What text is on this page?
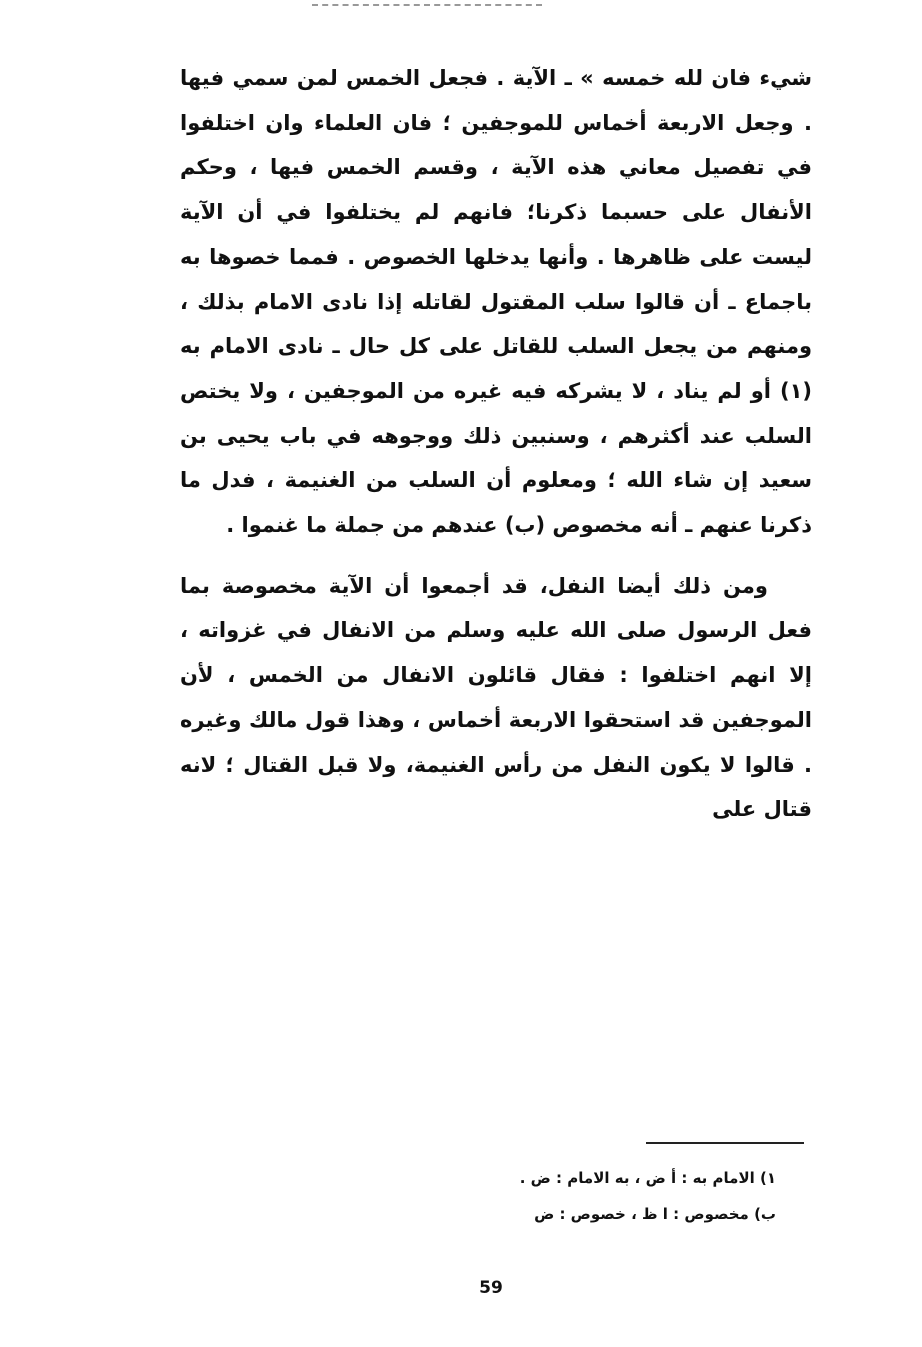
شيء فان لله خمسه » ـ الآية . فجعل الخمس لمن سمي فيها . وجعل الاربعة أخماس للموجفين ؛ فان العلماء وان اختلفوا في تفصيل معاني هذه الآية ، وقسم الخمس فيها ، وحكم الأنفال على حسبما ذكرنا؛ فانهم لم يختلفوا في أن الآية ليست على ظاهرها . وأنها يدخلها الخصوص . فمما خصوها به باجماع ـ أن قالوا سلب المقتول لقاتله إذا نادى الامام بذلك ، ومنهم من يجعل السلب للقاتل على كل حال ـ نادى الامام به (١) أو لم يناد ، لا يشركه فيه غيره من الموجفين ، ولا يختص السلب عند أكثرهم ، وسنبين ذلك ووجوهه في باب يحيى بن سعيد إن شاء الله ؛ ومعلوم أن السلب من الغنيمة ، فدل ما ذكرنا عنهم ـ أنه مخصوص (ب) عندهم من جملة ما غنموا .

ومن ذلك أيضا النفل، قد أجمعوا أن الآية مخصوصة بما فعل الرسول صلى الله عليه وسلم من الانفال في غزواته ، إلا انهم اختلفوا : فقال قائلون الانفال من الخمس ، لأن الموجفين قد استحقوا الاربعة أخماس ، وهذا قول مالك وغيره . قالوا لا يكون النفل من رأس الغنيمة، ولا قبل القتال ؛ لانه قتال على

١) الامام به : أ ض ، به الامام : ض .
ب) مخصوص : ا ظ ، خصوص : ض
59
